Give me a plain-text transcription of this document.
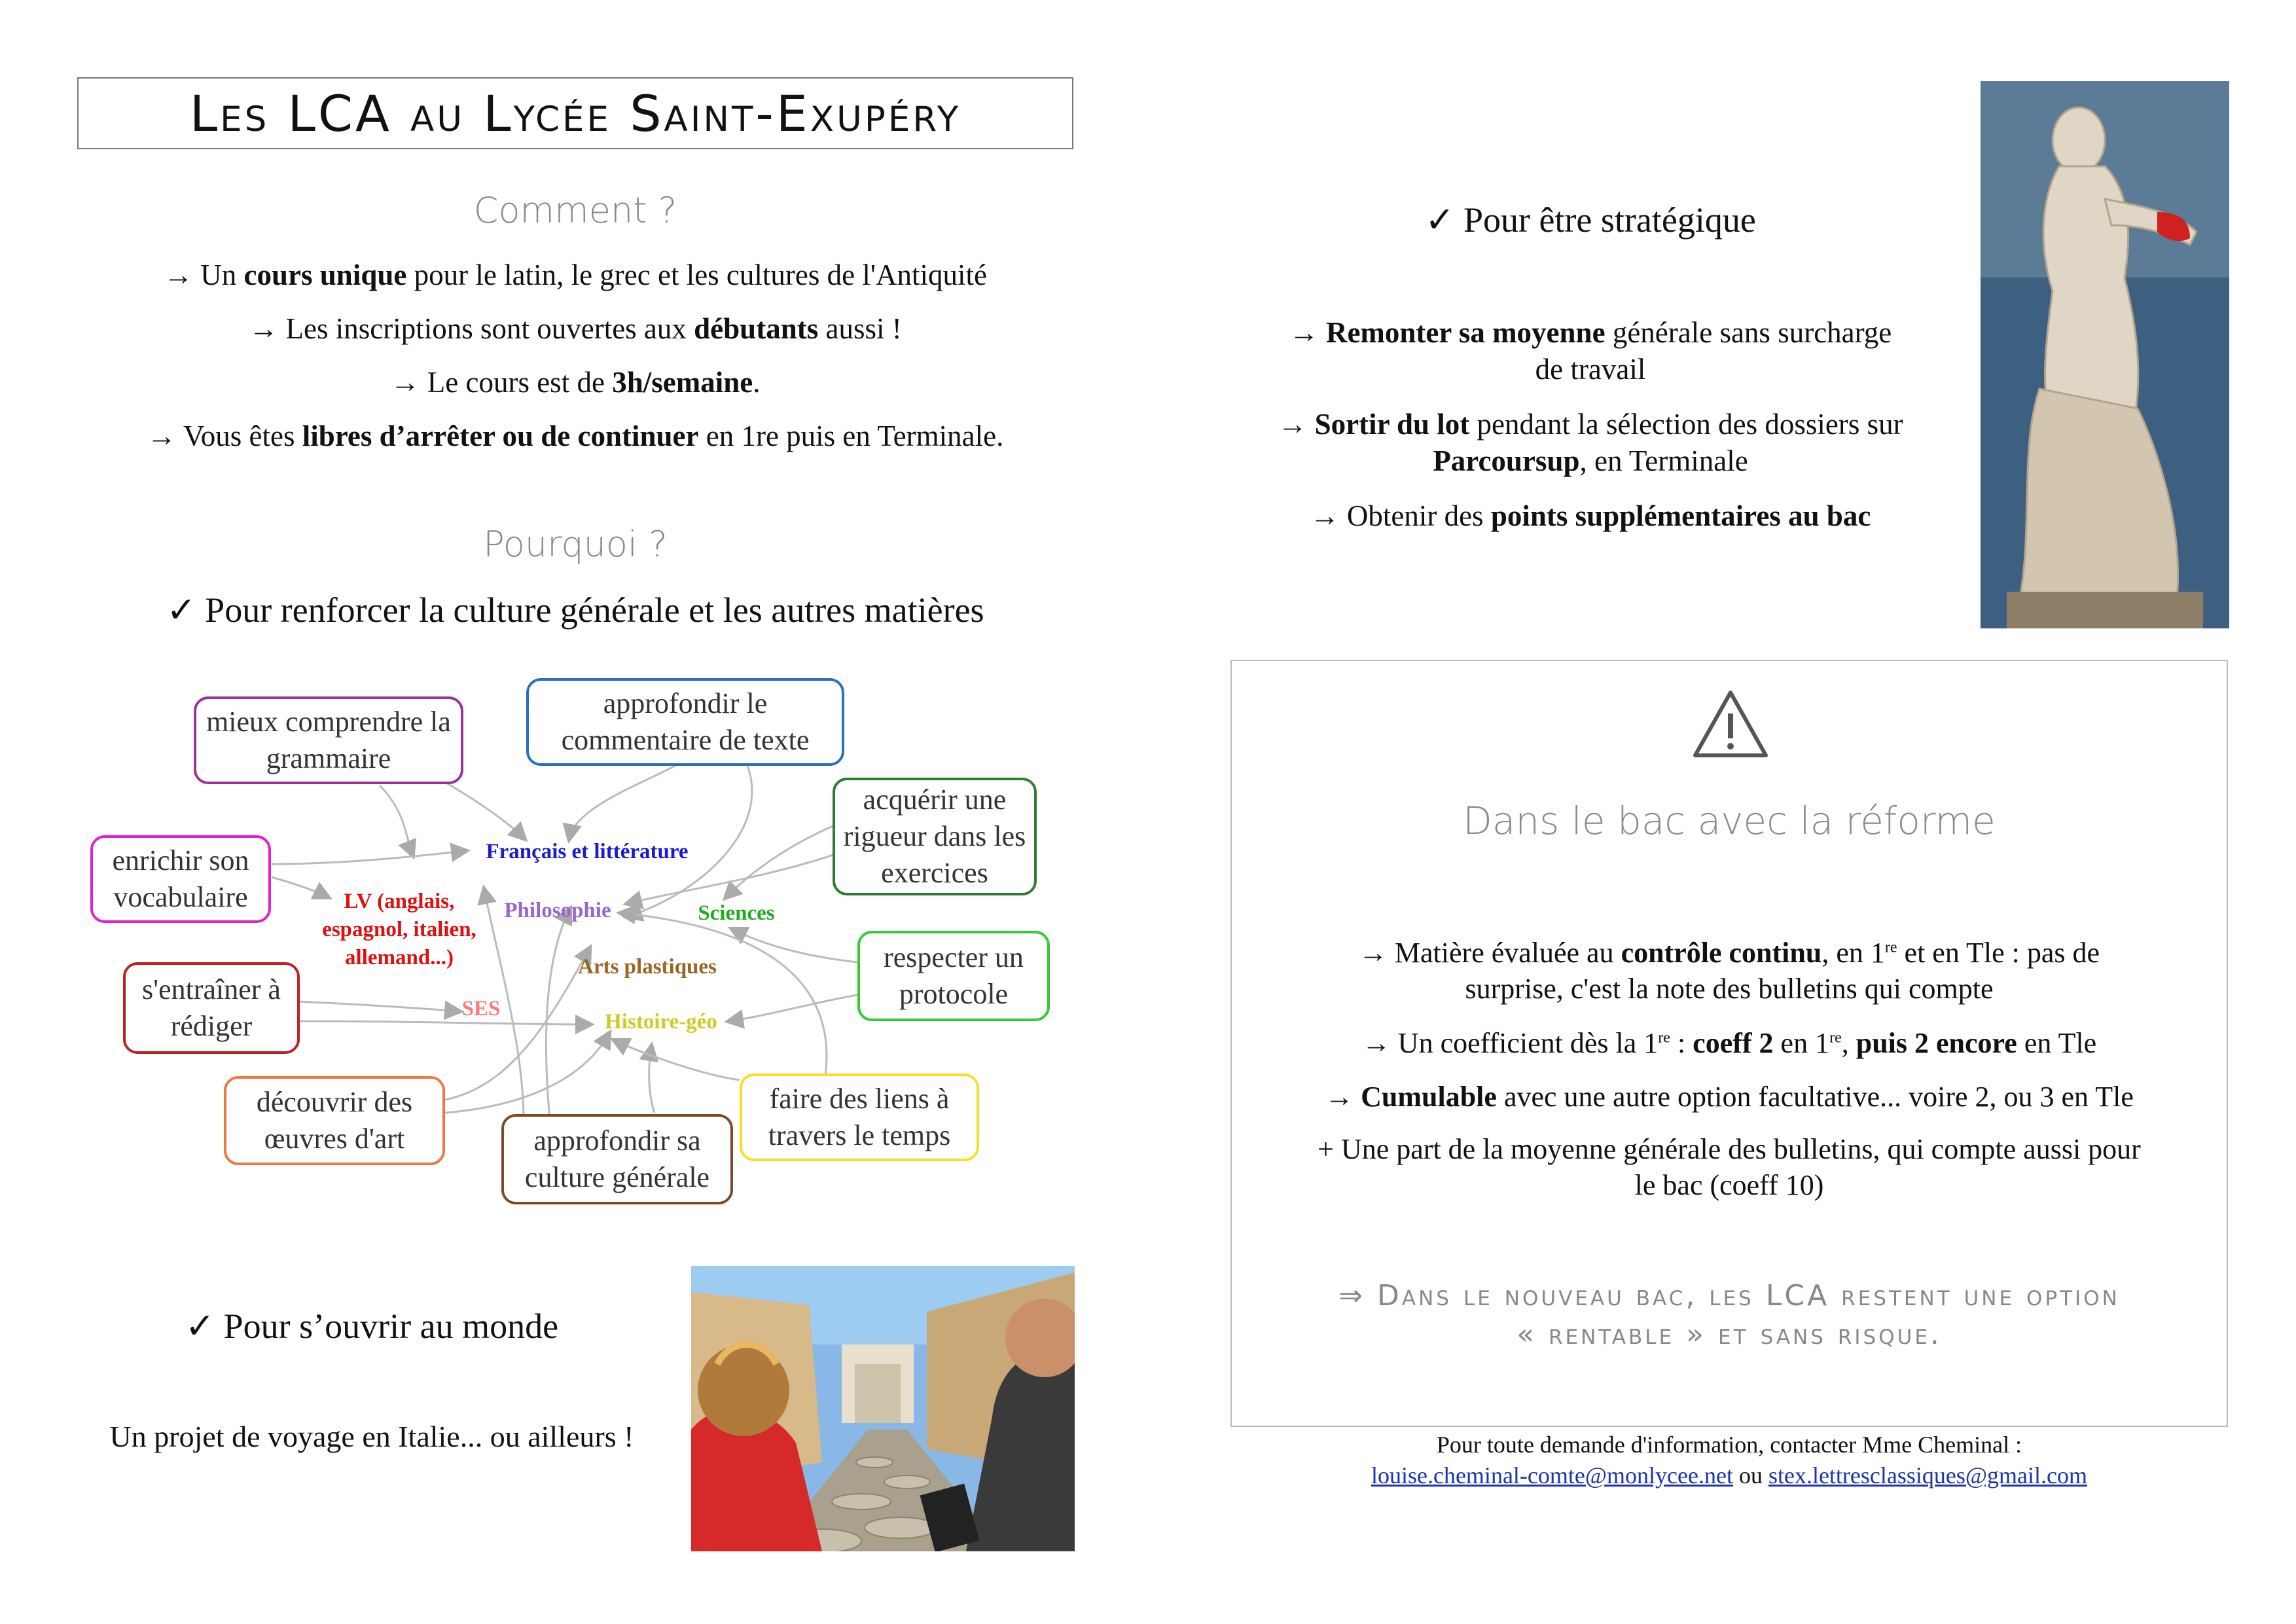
Les LCA au Lycée Saint-Exupéry
Comment ?
→ Un cours unique pour le latin, le grec et les cultures de l'Antiquité
→ Les inscriptions sont ouvertes aux débutants aussi !
→ Le cours est de 3h/semaine.
→ Vous êtes libres d’arrêter ou de continuer en 1re puis en Terminale.
Pourquoi ?
✓ Pour renforcer la culture générale et les autres matières
mieux comprendre la grammaire
approfondir le commentaire de texte
acquérir une rigueur dans les exercices
enrichir son vocabulaire
respecter un protocole
s'entraîner à rédiger
découvrir des œuvres d'art	approfondir sa culture générale
faire des liens à travers le temps
Français et littérature
LV (anglais, espagnol, italien, allemand...)
Philosophie	Sciences
Arts plastiques
SES
Histoire-géo
✓ Pour s’ouvrir au monde
Un projet de voyage en Italie... ou ailleurs !
✓ Pour être stratégique
→ Remonter sa moyenne générale sans surcharge
de travail
→ Sortir du lot pendant la sélection des dossiers sur
Parcoursup, en Terminale
→ Obtenir des points supplémentaires au bac
Dans le bac avec la réforme
→ Matière évaluée au contrôle continu, en 1re et en Tle : pas de
surprise, c'est la note des bulletins qui compte
→ Un coefficient dès la 1re : coeff 2 en 1re, puis 2 encore en Tle
→ Cumulable avec une autre option facultative... voire 2, ou 3 en Tle
+ Une part de la moyenne générale des bulletins, qui compte aussi pour
le bac (coeff 10)
⇒ Dans le nouveau bac, les LCA restent une option
« rentable » et sans risque.
Pour toute demande d'information, contacter Mme Cheminal :
louise.cheminal-comte@monlycee.net ou stex.lettresclassiques@gmail.com
